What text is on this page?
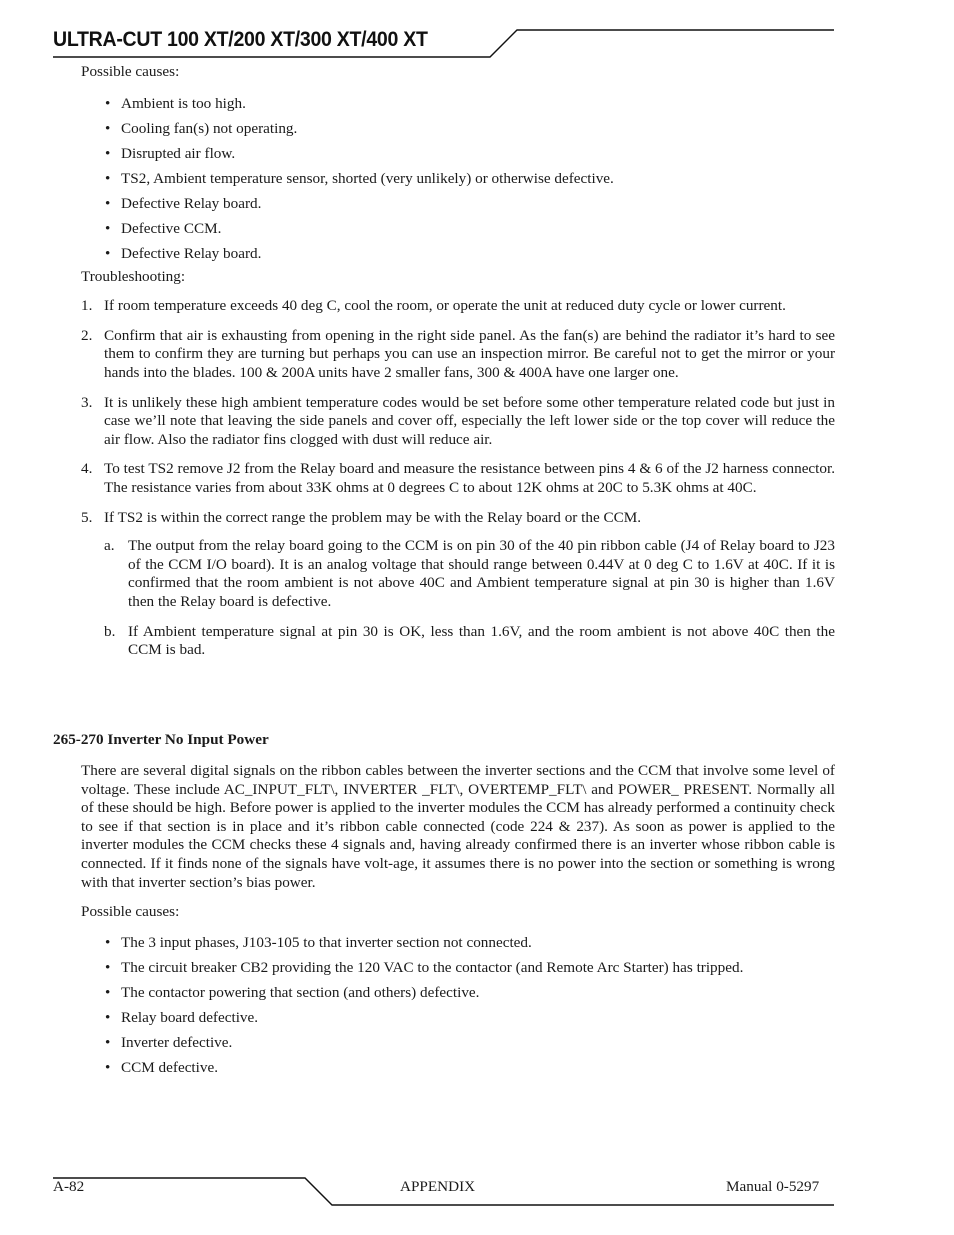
ULTRA-CUT 100 XT/200 XT/300 XT/400 XT

Possible causes:

• Ambient is too high.
• Cooling fan(s) not operating.
• Disrupted air flow.
• TS2, Ambient temperature sensor, shorted (very unlikely) or otherwise defective.
• Defective Relay board.
• Defective CCM.
• Defective Relay board.

Troubleshooting:

1. If room temperature exceeds 40 deg C, cool the room, or operate the unit at reduced duty cycle or lower current.
2. Confirm that air is exhausting from opening in the right side panel. As the fan(s) are behind the radiator it’s hard to see them to confirm they are turning but perhaps you can use an inspection mirror. Be careful not to get the mirror or your hands into the blades. 100 & 200A units have 2 smaller fans, 300 & 400A have one larger one.
3. It is unlikely these high ambient temperature codes would be set before some other temperature related code but just in case we’ll note that leaving the side panels and cover off, especially the left lower side or the top cover will reduce the air flow. Also the radiator fins clogged with dust will reduce air.
4. To test TS2 remove J2 from the Relay board and measure the resistance between pins 4 & 6 of the J2 harness connector. The resistance varies from about 33K ohms at 0 degrees C to about 12K ohms at 20C to 5.3K ohms at 40C.
5. If TS2 is within the correct range the problem may be with the Relay board or the CCM.
a. The output from the relay board going to the CCM is on pin 30 of the 40 pin ribbon cable (J4 of Relay board to J23 of the CCM I/O board). It is an analog voltage that should range between 0.44V at 0 deg C to 1.6V at 40C. If it is confirmed that the room ambient is not above 40C and Ambient temperature signal at pin 30 is higher than 1.6V then the Relay board is defective.
b. If Ambient temperature signal at pin 30 is OK, less than 1.6V, and the room ambient is not above 40C then the CCM is bad.

265-270 Inverter No Input Power

There are several digital signals on the ribbon cables between the inverter sections and the CCM that involve some level of voltage. These include AC_INPUT_FLT\, INVERTER _FLT\, OVERTEMP_FLT\ and POWER_ PRESENT. Normally all of these should be high. Before power is applied to the inverter modules the CCM has already performed a continuity check to see if that section is in place and it’s ribbon cable connected (code 224 & 237). As soon as power is applied to the inverter modules the CCM checks these 4 signals and, having already confirmed there is an inverter whose ribbon cable is connected. If it finds none of the signals have volt-age, it assumes there is no power into the section or something is wrong with that inverter section’s bias power.

Possible causes:

• The 3 input phases, J103-105 to that inverter section not connected.
• The circuit breaker CB2 providing the 120 VAC to the contactor (and Remote Arc Starter) has tripped.
• The contactor powering that section (and others) defective.
• Relay board defective.
• Inverter defective.
• CCM defective.
A-82	APPENDIX	Manual 0-5297
